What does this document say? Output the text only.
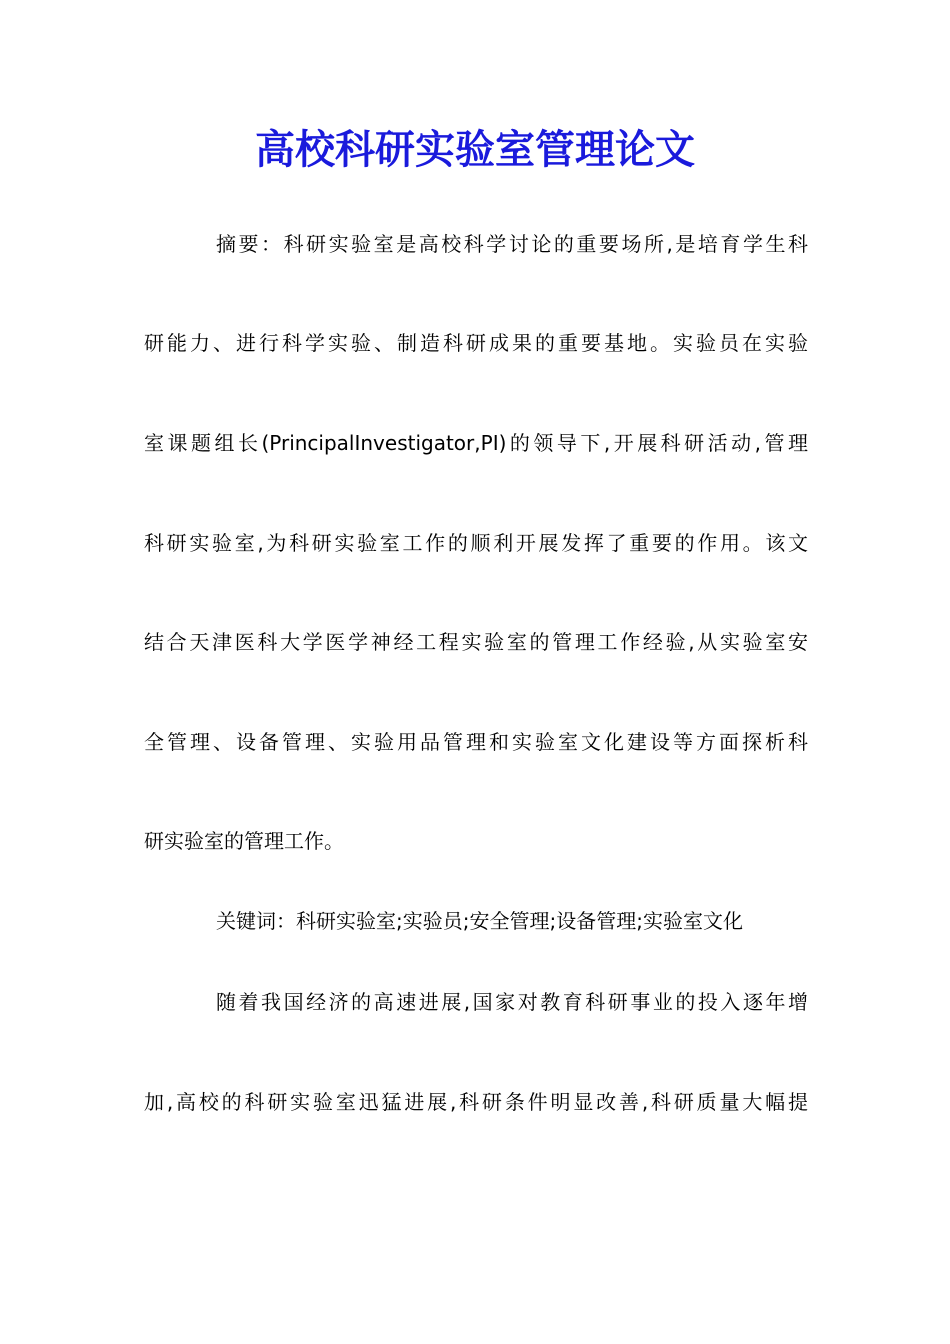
高校科研实验室管理论文

摘要：科研实验室是高校科学讨论的重要场所,是培育学生科

研能力、进行科学实验、制造科研成果的重要基地。实验员在实验

室课题组长(PrincipalInvestigator,PI)的领导下,开展科研活动,管理

科研实验室,为科研实验室工作的顺利开展发挥了重要的作用。该文

结合天津医科大学医学神经工程实验室的管理工作经验,从实验室安

全管理、设备管理、实验用品管理和实验室文化建设等方面探析科

研实验室的管理工作。

关键词：科研实验室;实验员;安全管理;设备管理;实验室文化

随着我国经济的高速进展,国家对教育科研事业的投入逐年增

加,高校的科研实验室迅猛进展,科研条件明显改善,科研质量大幅提
